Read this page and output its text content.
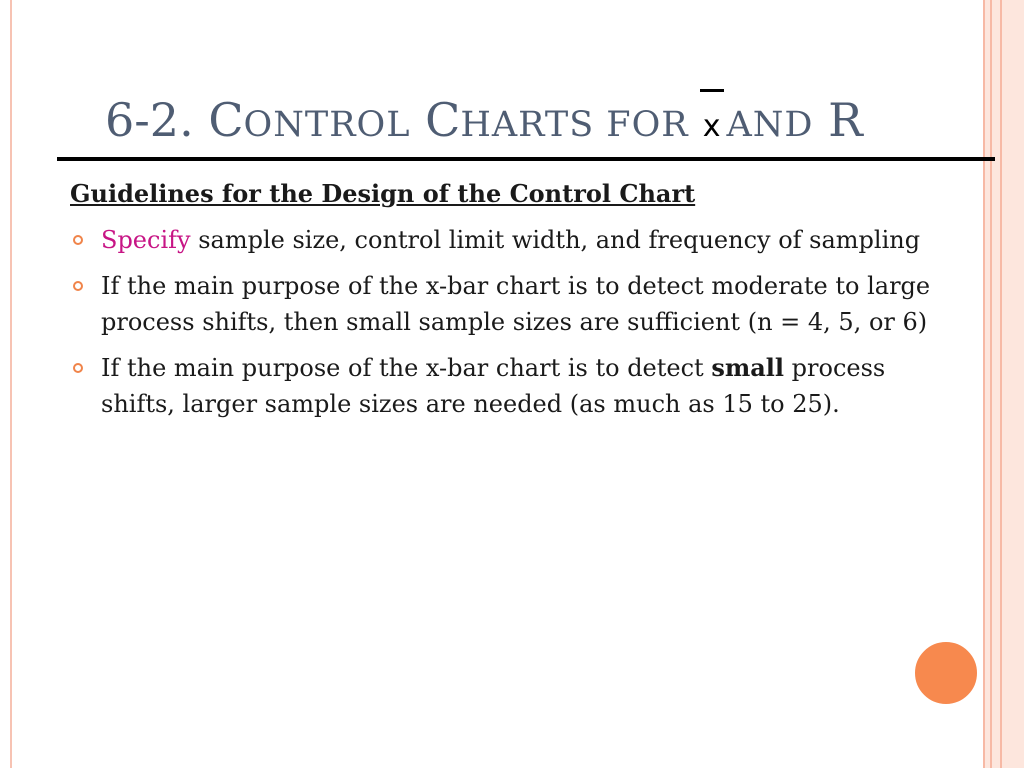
6-2. CONTROL CHARTS FOR
x AND R
Guidelines for the Design of the Control Chart
Specify sample size, control limit width, and frequency of sampling
If the main purpose of the x-bar chart is to detect moderate to large process shifts, then small sample sizes are sufficient (n = 4, 5, or 6)
If the main purpose of the x-bar chart is to detect small process shifts, larger sample sizes are needed (as much as 15 to 25).
